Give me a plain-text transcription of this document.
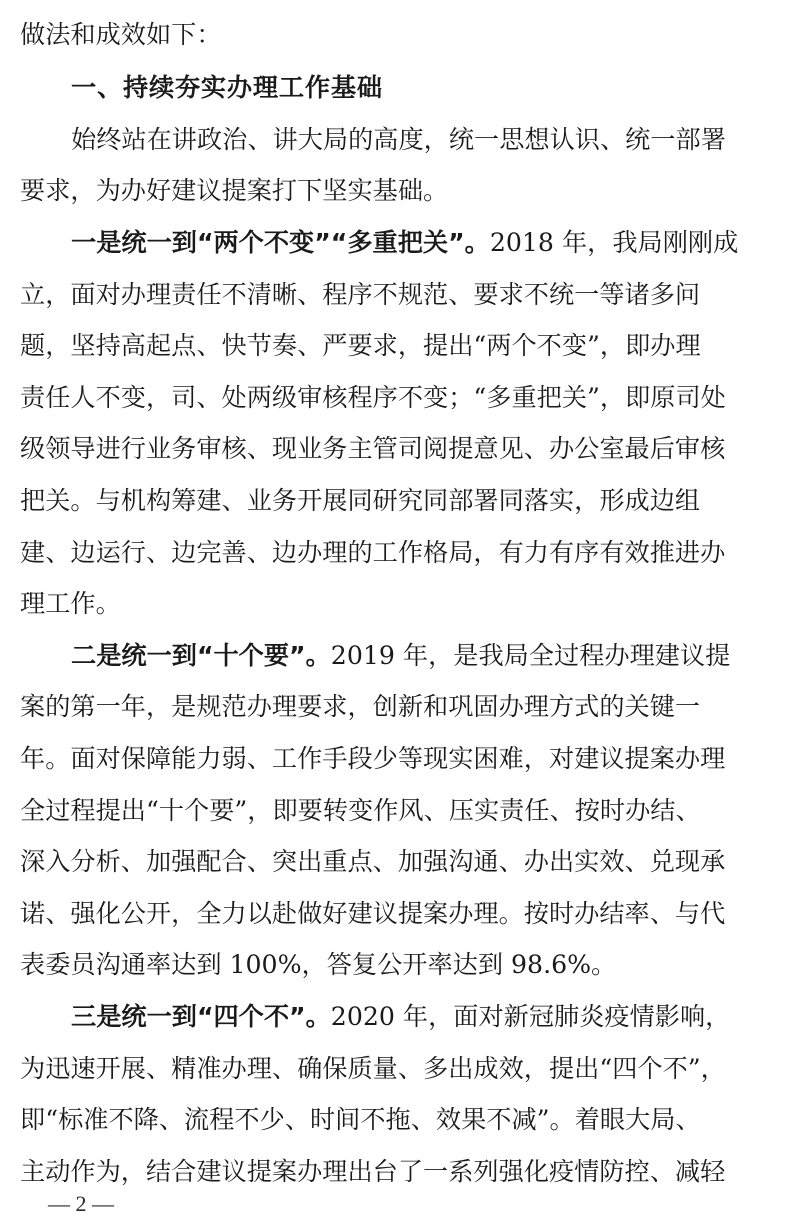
做法和成效如下：
一、持续夯实办理工作基础
始终站在讲政治、讲大局的高度，统一思想认识、统一部署
要求，为办好建议提案打下坚实基础。
一是统一到“两个不变”“多重把关”。2018 年，我局刚刚成
立，面对办理责任不清晰、程序不规范、要求不统一等诸多问
题，坚持高起点、快节奏、严要求，提出“两个不变”，即办理
责任人不变，司、处两级审核程序不变；“多重把关”，即原司处
级领导进行业务审核、现业务主管司阅提意见、办公室最后审核
把关。与机构筹建、业务开展同研究同部署同落实，形成边组
建、边运行、边完善、边办理的工作格局，有力有序有效推进办
理工作。
二是统一到“十个要”。2019 年，是我局全过程办理建议提
案的第一年，是规范办理要求，创新和巩固办理方式的关键一
年。面对保障能力弱、工作手段少等现实困难，对建议提案办理
全过程提出“十个要”，即要转变作风、压实责任、按时办结、
深入分析、加强配合、突出重点、加强沟通、办出实效、兑现承
诺、强化公开，全力以赴做好建议提案办理。按时办结率、与代
表委员沟通率达到 100%，答复公开率达到 98.6%。
三是统一到“四个不”。2020 年，面对新冠肺炎疫情影响，
为迅速开展、精准办理、确保质量、多出成效，提出“四个不”，
即“标准不降、流程不少、时间不拖、效果不减”。着眼大局、
主动作为，结合建议提案办理出台了一系列强化疫情防控、减轻
— 2 —
